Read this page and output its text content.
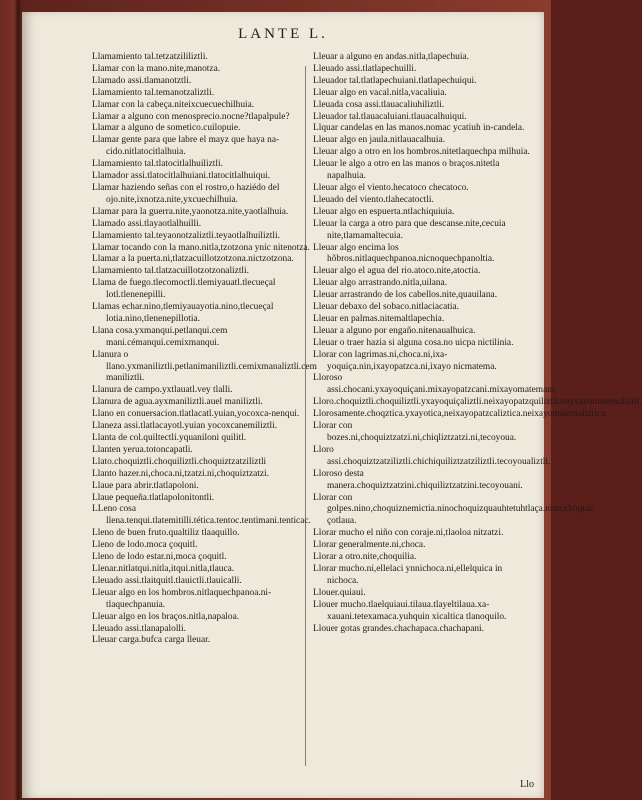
LANTE L.

Llamamiento tal.tetzatzililiztli.

Llamar con la mano.nite,manotza.

Llamado assi.tlamanotztli.

Llamamiento tal.temanotzaliztli.

Llamar con la cabeça.niteixcuecuechilhuia.

Llamar a alguno con menosprecio.nocne?tlapalpule?

Llamar a alguno de sometico.cuilopuie.

Llamar gente para que labre el mayz que haya na-cido.nitlatocitlalhuia.

Llamamiento tal.tlatocitlalhuiliztli.

Llamador assi.tlatocitlalhuiani.tlatocitlalhuiqui.

Llamar haziendo señas con el rostro,o haziédo del ojo.nite,ixnotza.nite,yxcuechilhuia.

Llamar para la guerra.nite,yaonotza.nite,yaotlalhuia.

Llamado assi.tlayaotlalhuilli.

Llamamiento tal.teyaonotzaliztli.teyaotlalhuiliztli.

Llamar tocando con la mano.nitla,tzotzona ynic nitenotza.

Llamar a la puerta.ni,tlatzacuillotzotzona.nictzotzona.

Llamamiento tal.tlatzacuillotzotzonaliztli.

Llama de fuego.tlecomoctli.tlemiyauatl.tlecueçal lotl.tlenenepilli.

Llamas echar.nino,tlemiyauayotia.nino,tlecueçal lotia.nino,tlenenepillotia.

Llana cosa.yxmanqui.petlanqui.cem mani.cémanqui.cemixmanqui.

Llanura o llano.yxmaniliztli.petlanimaniliztli.cemixmanaliztli.cem maniliztli.

Llanura de campo.yxtlauatl.vey tlalli.

Llanura de agua.ayxmaniliztli.auel maniliztli.

Llano en conuersacion.tlatlacatl.yuian,yocoxca-nenqui.

Llaneza assi.tlatlacayotl.yuian yocoxcanemiliztli.

Llanta de col.quiltectli.yquaniloni quilitl.

Llanten yerua.totoncapatli.

Llato.choquiztli.choquiliztli.choquiztzatziliztli

Llanto hazer.ni,choca.ni,tzatzi.ni,choquiztzatzi.

Llaue para abrir.tlatlapoloni.

Llaue pequeña.tlatlapolonitontli.

LLeno cosa llena.tenqui.tlatemitilli.tética.tentoc.tentimani.tenticac.

Lleno de buen fruto.qualtiliz tlaaquillo.

Lleno de lodo.moca çoquitl.

Lleno de lodo estar.ni,moca çoquitl.

Llenar.nitlatqui.nitla,itqui.nitla,tlauca.

Lleuado assi.tlaitquitl.tlauictli.tlauicalli.

Lleuar algo en los hombros.nitlaquechpanoa.ni-tlaquechpanuia.

Lleuar algo en los braços.nitla,napaloa.

Lleuado assi.tlanapalolli.

Lleuar carga.bufca carga lleuar.

Lleuar a alguno en andas.nitla,tlapechuia.

Lleuado assi.tlatlapechuilli.

Lleuador tal.tlatlapechuiani.tlatlapechuiqui.

Lleuar algo en vacal.nitla,vacaliuia.

Lleuada cosa assi.tlauacaliuhiliztli.

Lleuador tal.tlauacaluiani.tlauacalhuiqui.

Llquar candelas en las manos.nomac ycatiuh in-candela.

Lleuar algo en jaula.nitlauacalhuia.

Lleuar algo a otro en los hombros.nitetlaquechpa milhuia.

Lleuar le algo a otro en las manos o braços.nitetla napalhuia.

Lleuar algo el viento.hecatoco checatoco.

Lleuado del viento.tlahecatoctli.

Lleuar algo en espuerta.ntlachiquiuia.

Lleuar la carga a otro para que descanse.nite,cecuia nite,tlamamaltecuia.

Lleuar algo encima los hõbros.nitlaquechpanoa.nicnoquechpanoltia.

Lleuar algo el agua del rio.atoco.nite,atoctia.

Lleuar algo arrastrando.nitla,uilana.

Lleuar arrastrando de los cabellos.nite,quauilana.

Lleuar debaxo del sobaco.nitlaciacatia.

Lleuar en palmas.nitemaltlapechia.

Lleuar a alguno por engaño.nitenaualhuica.

Lleuar o traer hazia si alguna cosa.no uicpa nictilinia.

Llorar con lagrimas.ni,choca.ni,ixa-yoquiça.nin,ixayopatzca.ni,ixayo nicmatema.

Lloroso assi.chocani.yxayoquiçani.mixayopatzcani.mixayomatemani.

Lloro.choquiztli.choquiliztli.yxayoquiçaliztli.neixayopatzquiliztli.neyxayomatemaliztli.

Llorosamente.choqztica.yxayotica,neixayopatzcaliztica.neixayomatemaliztica.

Llorar con bozes.ni,choquiztzatzi.ni,chiqliztzatzi.ni,tecoyoua.

Lloro assi.choquiztzatziliztli.chichiquiliztzatziliztli.tecoyoualiztli.

Lloroso desta manera.choquiztzatzini.chiquiliztzatzini.tecoyouani.

Llorar con golpes.nino,choquiznemictia.ninochoquizquauhtetuhtlaça.nino,choquiz çotlaua.

Llorar mucho el niño con coraje.ni,tlaoloa nitzatzi.

Llorar generalmente.ni,choca.

Llorar a otro.nite,choquilia.

Llorar mucho.ni,ellelaci ynnichoca.ni,ellelquica in nichoca.

Llouer.quiaui.

Llouer mucho.tlaelquiaui.tilaua.tlayeltilaua.xa-xauani.tetexamaca.yuhquin xicaltica tlanoquilo.

Llouer gotas grandes.chachapaca.chachapani.

Llo
